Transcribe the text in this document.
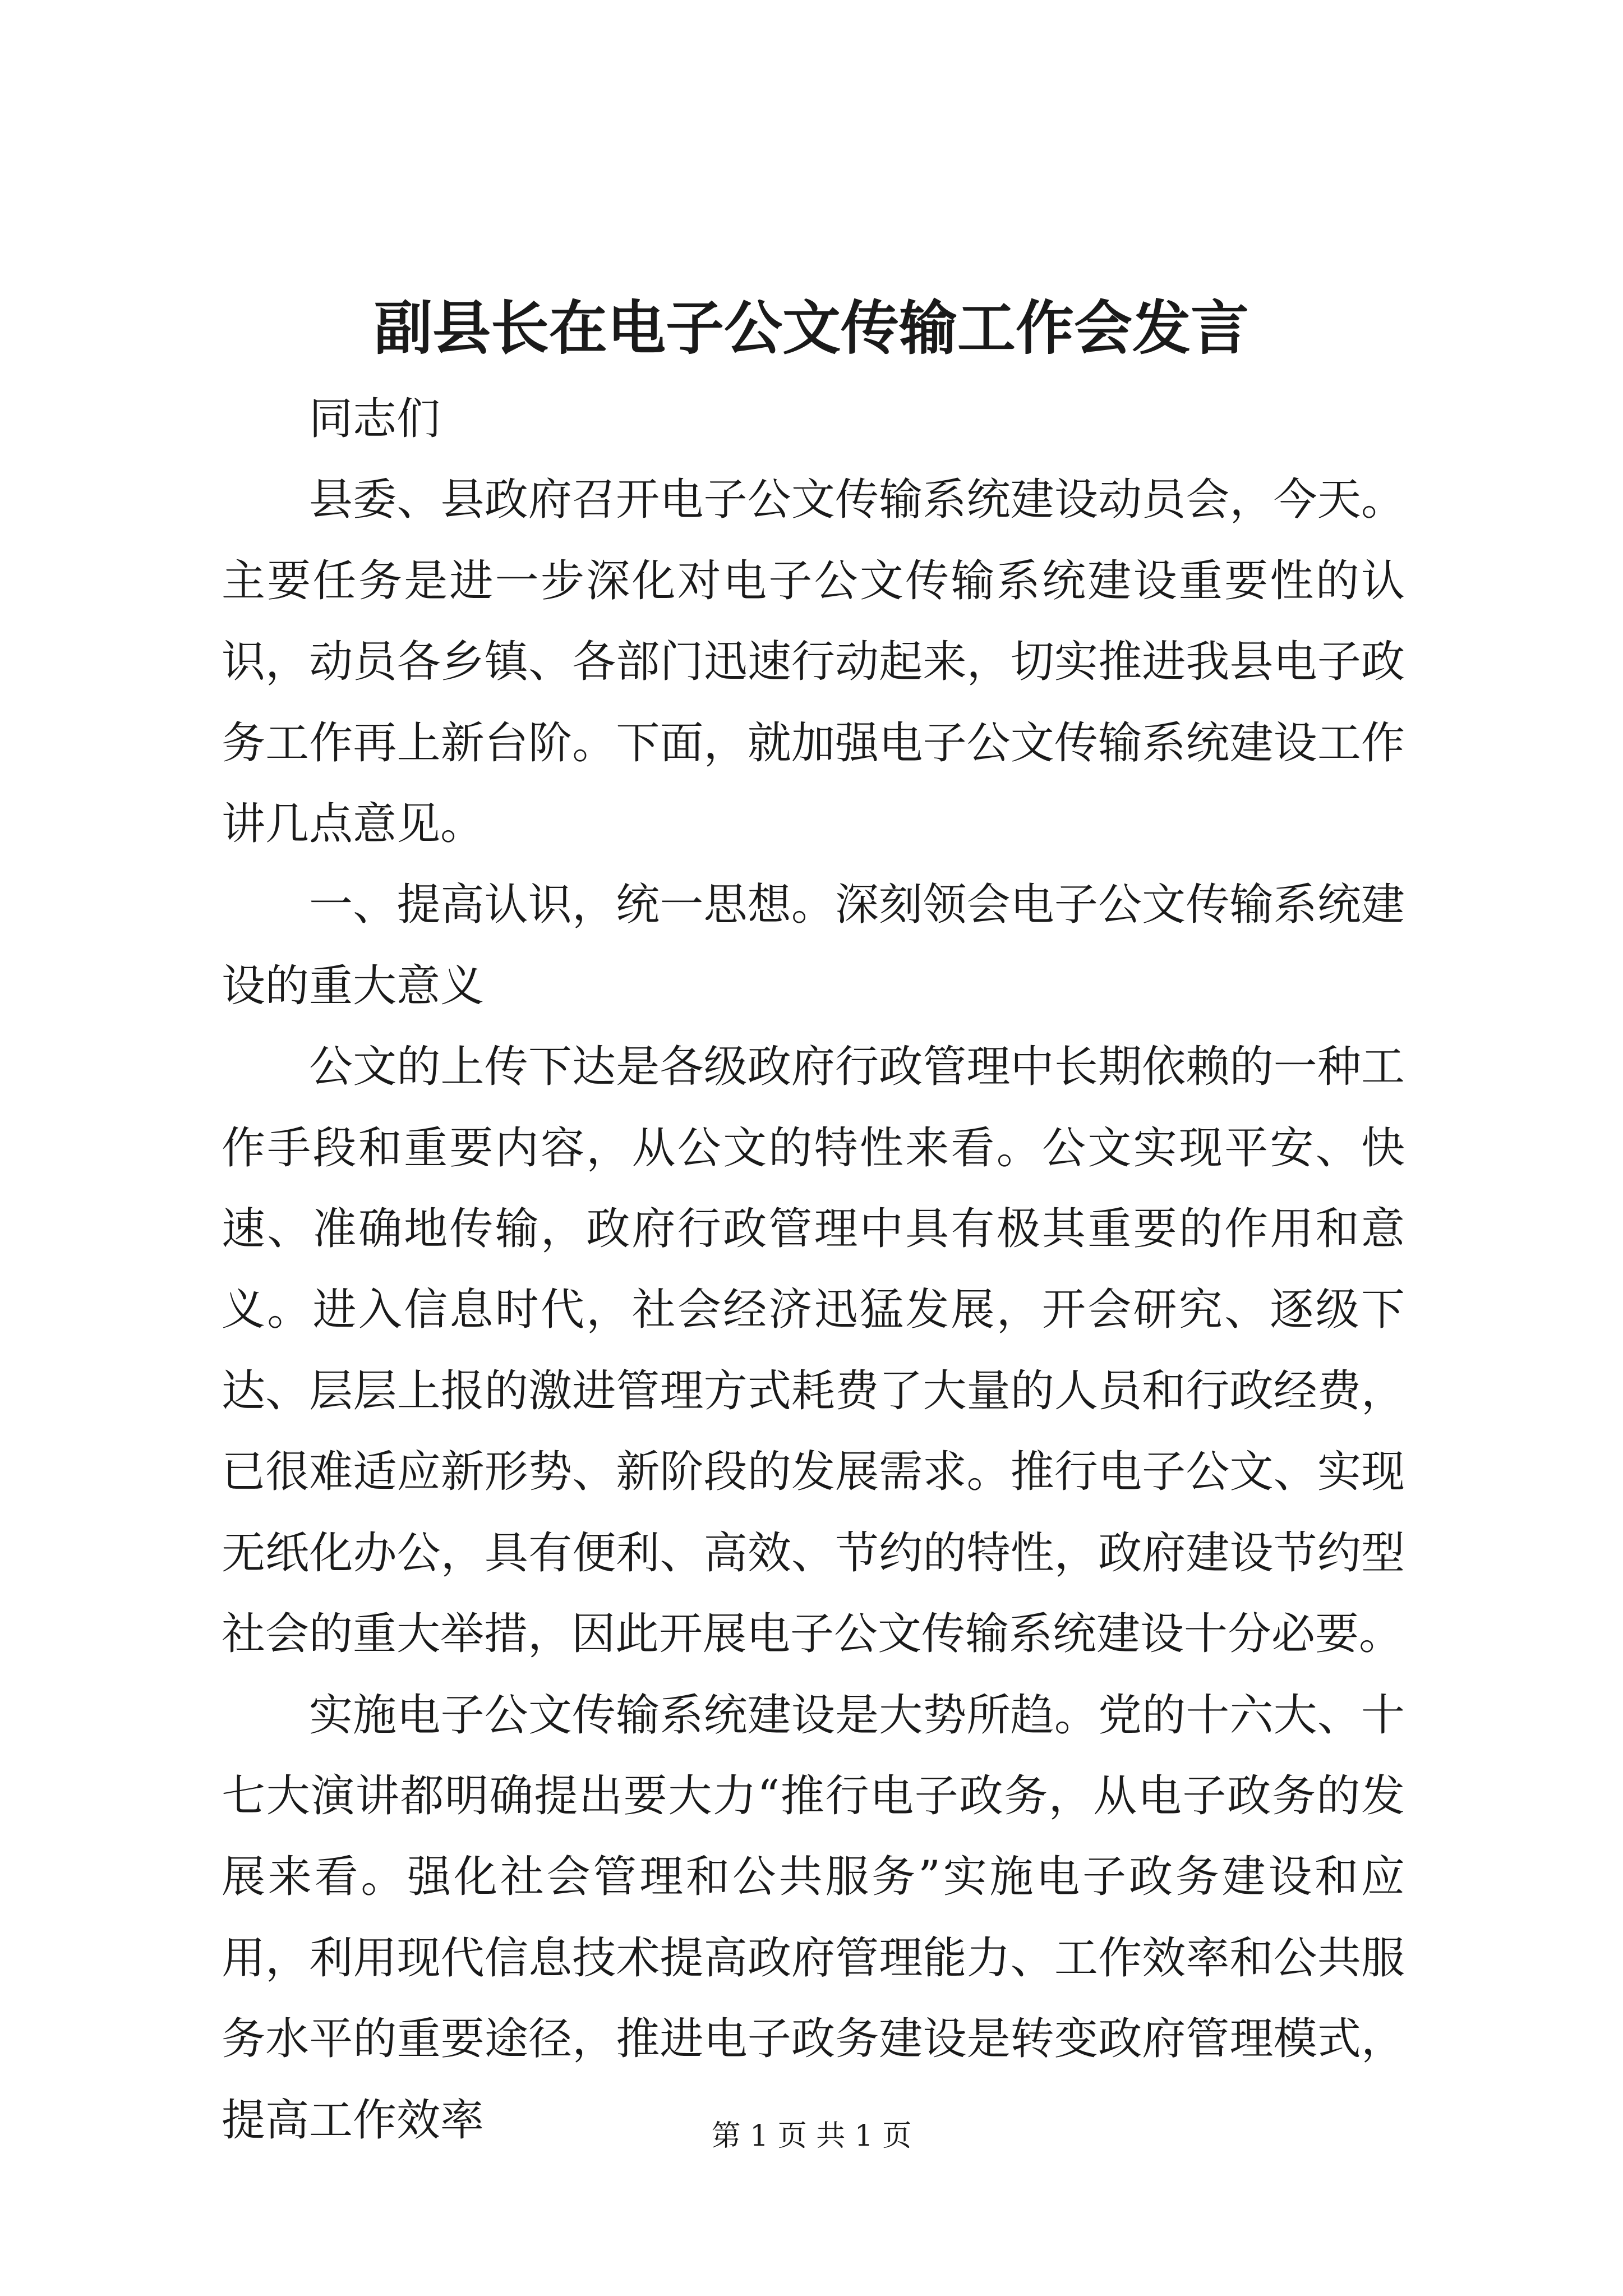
副县长在电子公文传输工作会发言

同志们

县委、县政府召开电子公文传输系统建设动员会，今天。主要任务是进一步深化对电子公文传输系统建设重要性的认识，动员各乡镇、各部门迅速行动起来，切实推进我县电子政务工作再上新台阶。下面，就加强电子公文传输系统建设工作讲几点意见。

一、提高认识，统一思想。深刻领会电子公文传输系统建设的重大意义

公文的上传下达是各级政府行政管理中长期依赖的一种工作手段和重要内容，从公文的特性来看。公文实现平安、快速、准确地传输，政府行政管理中具有极其重要的作用和意义。进入信息时代，社会经济迅猛发展，开会研究、逐级下达、层层上报的激进管理方式耗费了大量的人员和行政经费，已很难适应新形势、新阶段的发展需求。推行电子公文、实现无纸化办公，具有便利、高效、节约的特性，政府建设节约型社会的重大举措，因此开展电子公文传输系统建设十分必要。

实施电子公文传输系统建设是大势所趋。党的十六大、十七大演讲都明确提出要大力“推行电子政务，从电子政务的发展来看。强化社会管理和公共服务”实施电子政务建设和应用，利用现代信息技术提高政府管理能力、工作效率和公共服务水平的重要途径，推进电子政务建设是转变政府管理模式，提高工作效率	第 1 页 共 1 页
